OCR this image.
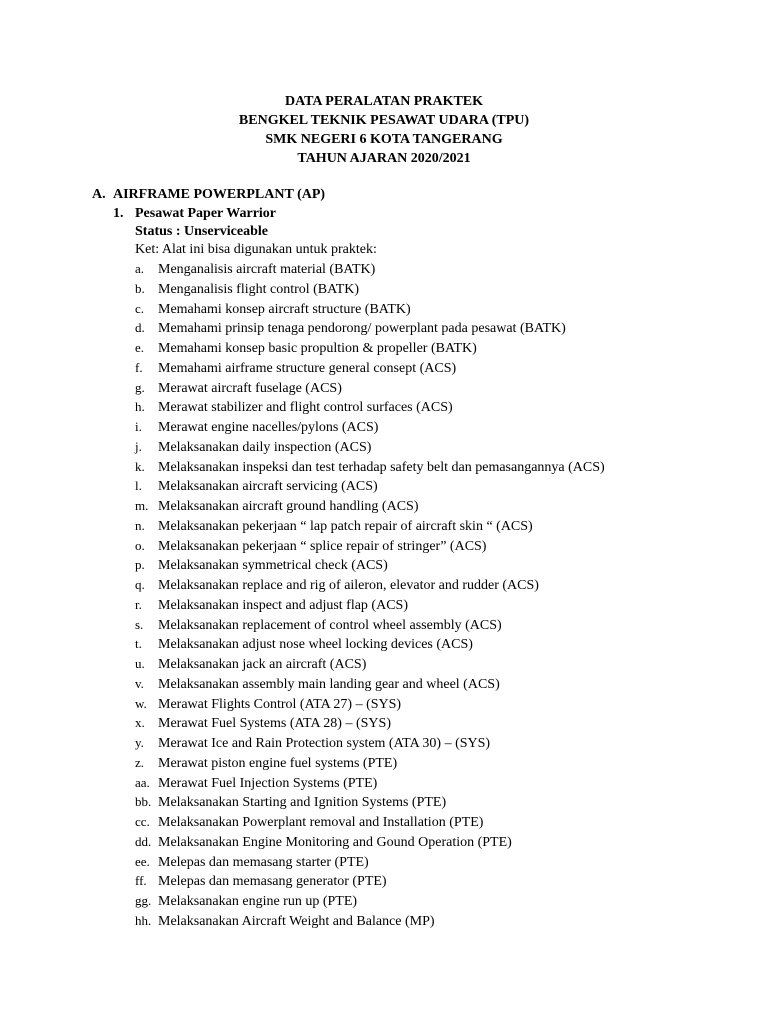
DATA PERALATAN PRAKTEK
BENGKEL TEKNIK PESAWAT UDARA (TPU)
SMK NEGERI 6 KOTA TANGERANG
TAHUN AJARAN 2020/2021
A. AIRFRAME POWERPLANT (AP)
1. Pesawat Paper Warrior
Status : Unserviceable
Ket: Alat ini bisa digunakan untuk praktek:
a. Menganalisis aircraft material (BATK)
b. Menganalisis flight control (BATK)
c. Memahami konsep aircraft structure (BATK)
d. Memahami prinsip tenaga pendorong/ powerplant pada pesawat (BATK)
e. Memahami konsep basic propultion & propeller (BATK)
f. Memahami airframe structure general consept (ACS)
g. Merawat aircraft fuselage (ACS)
h. Merawat stabilizer and flight control surfaces (ACS)
i. Merawat engine nacelles/pylons (ACS)
j. Melaksanakan daily inspection (ACS)
k. Melaksanakan inspeksi dan test terhadap safety belt dan pemasangannya (ACS)
l. Melaksanakan aircraft servicing (ACS)
m. Melaksanakan aircraft ground handling (ACS)
n. Melaksanakan pekerjaan “ lap patch repair of aircraft skin “ (ACS)
o. Melaksanakan pekerjaan “ splice repair of stringer” (ACS)
p. Melaksanakan symmetrical check (ACS)
q. Melaksanakan replace and rig of aileron, elevator and rudder (ACS)
r. Melaksanakan inspect and adjust flap (ACS)
s. Melaksanakan replacement of control wheel assembly (ACS)
t. Melaksanakan adjust nose wheel locking devices (ACS)
u. Melaksanakan jack an aircraft (ACS)
v. Melaksanakan assembly main landing gear and wheel (ACS)
w. Merawat Flights Control (ATA 27) – (SYS)
x. Merawat Fuel Systems (ATA 28) – (SYS)
y. Merawat Ice and Rain Protection system (ATA 30) – (SYS)
z. Merawat piston engine fuel systems (PTE)
aa. Merawat Fuel Injection Systems (PTE)
bb. Melaksanakan Starting and Ignition Systems (PTE)
cc. Melaksanakan Powerplant removal and Installation (PTE)
dd. Melaksanakan Engine Monitoring and Gound Operation (PTE)
ee. Melepas dan memasang starter (PTE)
ff. Melepas dan memasang generator (PTE)
gg. Melaksanakan engine run up (PTE)
hh. Melaksanakan Aircraft Weight and Balance (MP)
